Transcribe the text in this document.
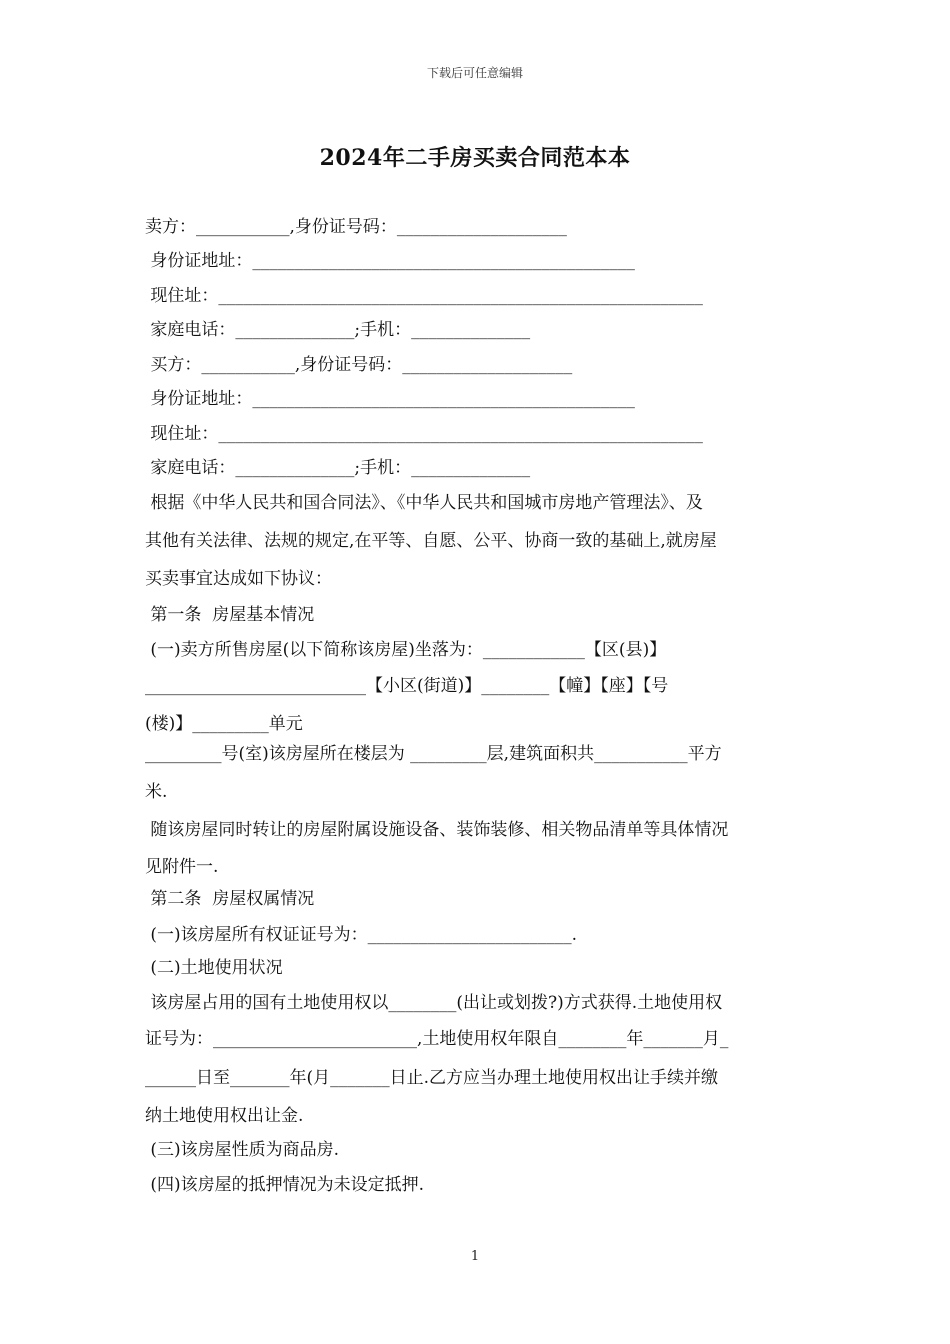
下载后可任意编辑
2024年二手房买卖合同范本本
卖方：___________,身份证号码：____________________
身份证地址：_____________________________________________
现住址：_________________________________________________________
家庭电话：______________;手机：______________
买方：___________,身份证号码：____________________
身份证地址：_____________________________________________
现住址：_________________________________________________________
家庭电话：______________;手机：______________
根据《中华人民共和国合同法》、《中华人民共和国城市房地产管理法》、及
其他有关法律、法规的规定,在平等、自愿、公平、协商一致的基础上,就房屋
买卖事宜达成如下协议：
第一条  房屋基本情况
(一)卖方所售房屋(以下简称该房屋)坐落为：____________【区(县)】
__________________________【小区(街道)】________【幢】【座】【号
(楼)】_________单元
_________号(室)该房屋所在楼层为 _________层,建筑面积共___________平方
米.
随该房屋同时转让的房屋附属设施设备、装饰装修、相关物品清单等具体情况
见附件一.
第二条  房屋权属情况
(一)该房屋所有权证证号为：________________________.
(二)土地使用状况
该房屋占用的国有土地使用权以________(出让或划拨?)方式获得.土地使用权
证号为：________________________,土地使用权年限自________年_______月_
______日至_______年(月_______日止.乙方应当办理土地使用权出让手续并缴
纳土地使用权出让金.
(三)该房屋性质为商品房.
(四)该房屋的抵押情况为未设定抵押.
1
